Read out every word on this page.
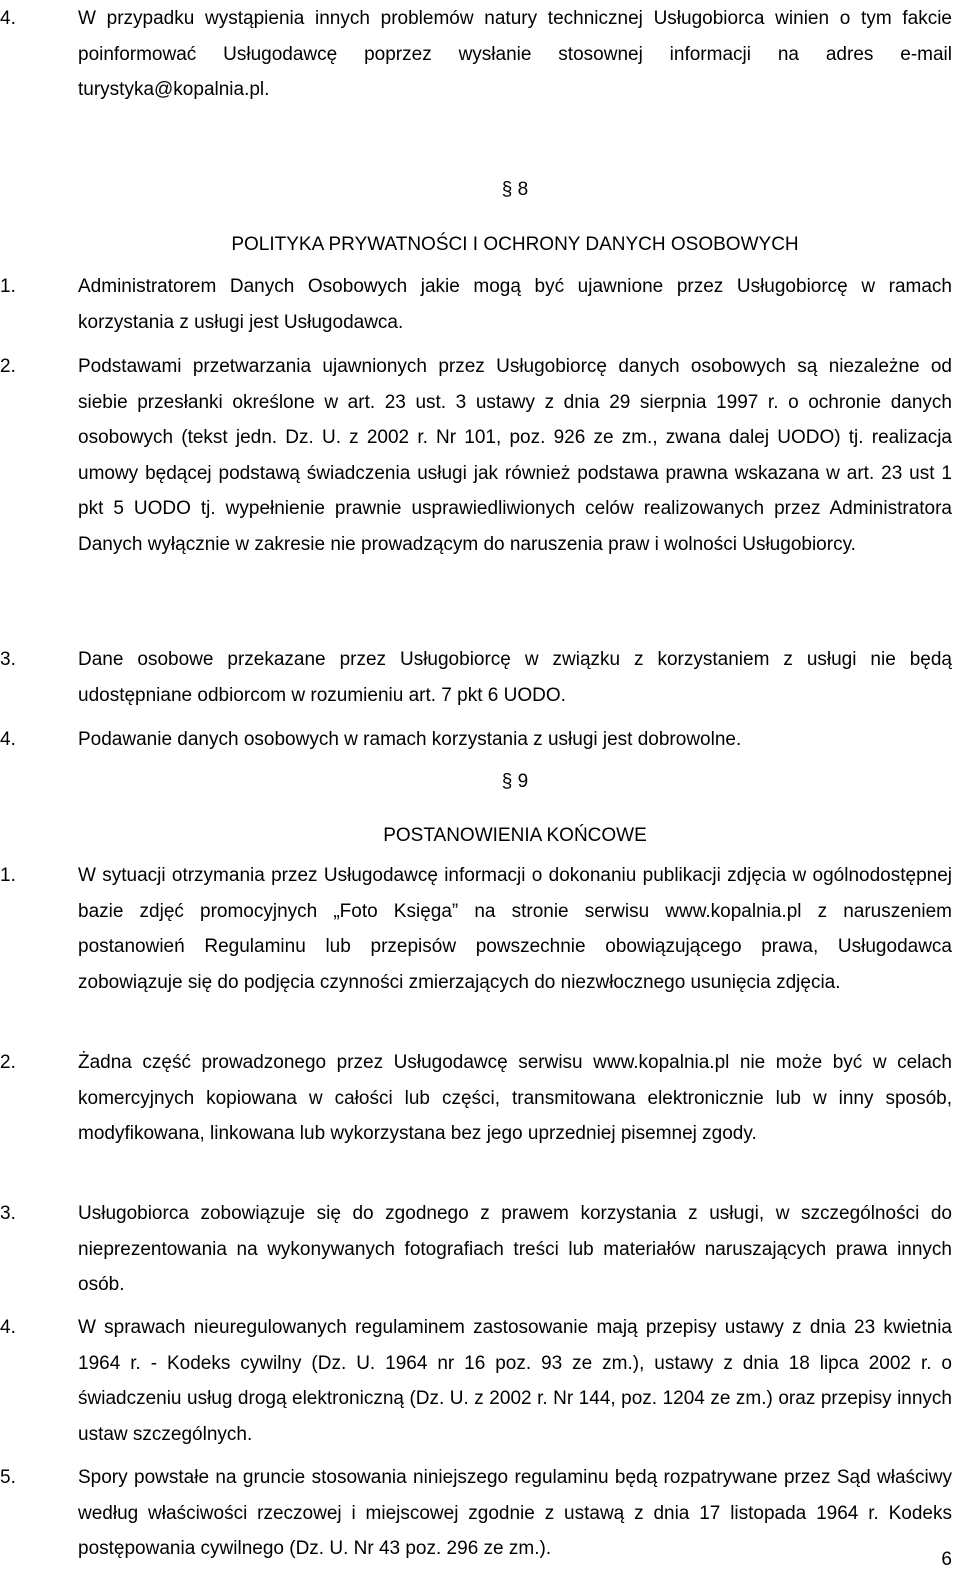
4.	W przypadku wystąpienia innych problemów natury technicznej Usługobiorca winien o tym fakcie poinformować Usługodawcę poprzez wysłanie stosownej informacji na adres e-mail turystyka@kopalnia.pl.
§ 8
POLITYKA PRYWATNOŚCI I OCHRONY DANYCH OSOBOWYCH
1.	Administratorem Danych Osobowych jakie mogą być ujawnione przez Usługobiorcę w ramach korzystania z usługi jest Usługodawca.
2.	Podstawami przetwarzania ujawnionych przez Usługobiorcę danych osobowych są niezależne od siebie przesłanki określone w art. 23 ust. 3 ustawy z dnia 29 sierpnia 1997 r. o ochronie danych osobowych (tekst jedn. Dz. U. z 2002 r. Nr 101, poz. 926 ze zm., zwana dalej UODO) tj. realizacja umowy będącej podstawą świadczenia usługi jak również podstawa prawna wskazana w art. 23 ust 1 pkt 5 UODO tj. wypełnienie prawnie usprawiedliwionych celów realizowanych przez Administratora Danych wyłącznie w zakresie nie prowadzącym do naruszenia praw i wolności Usługobiorcy.
3.	Dane osobowe przekazane przez Usługobiorcę w związku z korzystaniem z usługi nie będą udostępniane odbiorcom w rozumieniu art. 7 pkt 6 UODO.
4.	Podawanie danych osobowych w ramach korzystania z usługi jest dobrowolne.
§ 9
POSTANOWIENIA KOŃCOWE
1.	W sytuacji otrzymania przez Usługodawcę informacji o dokonaniu publikacji zdjęcia w ogólnodostępnej bazie zdjęć promocyjnych „Foto Księga” na stronie serwisu www.kopalnia.pl z naruszeniem postanowień Regulaminu lub przepisów powszechnie obowiązującego prawa, Usługodawca zobowiązuje się do podjęcia czynności zmierzających do niezwłocznego usunięcia zdjęcia.
2.	Żadna część prowadzonego przez Usługodawcę serwisu www.kopalnia.pl nie może być w celach komercyjnych kopiowana w całości lub części, transmitowana elektronicznie lub w inny sposób, modyfikowana, linkowana lub wykorzystana bez jego uprzedniej pisemnej zgody.
3.	Usługobiorca zobowiązuje się do zgodnego z prawem korzystania z usługi, w szczególności do nieprezentowania na wykonywanych fotografiach treści lub materiałów naruszających prawa innych osób.
4.	W sprawach nieuregulowanych regulaminem zastosowanie mają przepisy ustawy z dnia 23 kwietnia 1964 r. - Kodeks cywilny (Dz. U. 1964 nr 16 poz. 93 ze zm.), ustawy z dnia 18 lipca 2002 r. o świadczeniu usług drogą elektroniczną (Dz. U. z 2002 r. Nr 144, poz. 1204 ze zm.) oraz przepisy innych ustaw szczególnych.
5.	Spory powstałe na gruncie stosowania niniejszego regulaminu będą rozpatrywane przez Sąd właściwy według właściwości rzeczowej i miejscowej zgodnie z ustawą z dnia 17 listopada 1964 r. Kodeks postępowania cywilnego (Dz. U. Nr 43 poz. 296 ze zm.).
6
